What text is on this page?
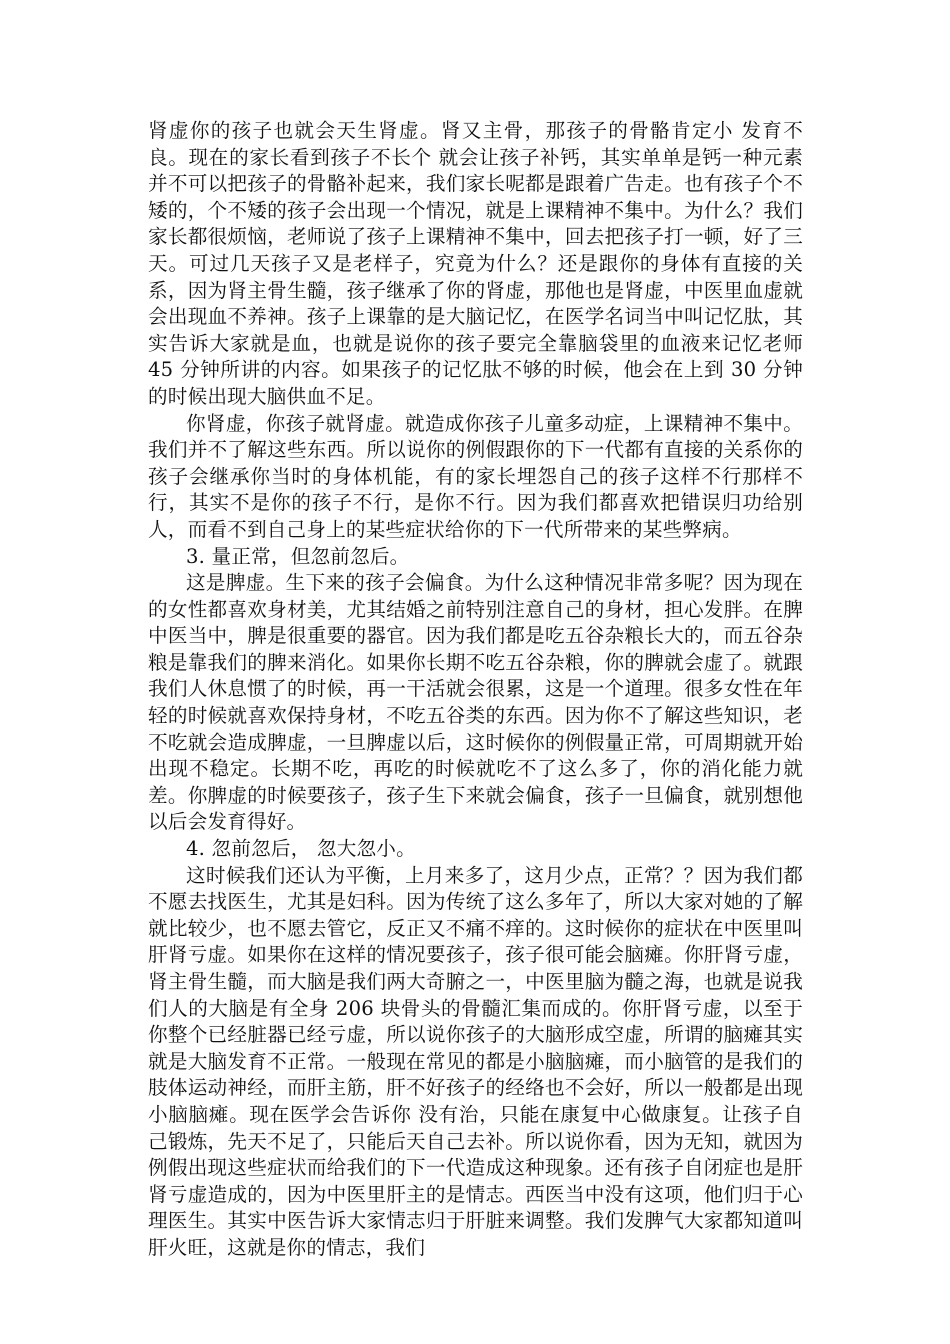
肾虚你的孩子也就会天生肾虚。肾又主骨，那孩子的骨骼肯定小 发育不良。现在的家长看到孩子不长个 就会让孩子补钙，其实单单是钙一种元素并不可以把孩子的骨骼补起来，我们家长呢都是跟着广告走。也有孩子个不矮的，个不矮的孩子会出现一个情况，就是上课精神不集中。为什么？我们家长都很烦恼，老师说了孩子上课精神不集中，回去把孩子打一顿，好了三天。可过几天孩子又是老样子，究竟为什么？还是跟你的身体有直接的关系，因为肾主骨生髓，孩子继承了你的肾虚，那他也是肾虚，中医里血虚就会出现血不养神。孩子上课靠的是大脑记忆，在医学名词当中叫记忆肽，其实告诉大家就是血，也就是说你的孩子要完全靠脑袋里的血液来记忆老师 45 分钟所讲的内容。如果孩子的记忆肽不够的时候，他会在上到 30 分钟的时候出现大脑供血不足。

你肾虚，你孩子就肾虚。就造成你孩子儿童多动症，上课精神不集中。我们并不了解这些东西。所以说你的例假跟你的下一代都有直接的关系你的孩子会继承你当时的身体机能，有的家长埋怨自己的孩子这样不行那样不行，其实不是你的孩子不行，是你不行。因为我们都喜欢把错误归功给别人，而看不到自己身上的某些症状给你的下一代所带来的某些弊病。

3. 量正常，但忽前忽后。

这是脾虚。生下来的孩子会偏食。为什么这种情况非常多呢？因为现在的女性都喜欢身材美，尤其结婚之前特别注意自己的身材，担心发胖。在脾中医当中，脾是很重要的器官。因为我们都是吃五谷杂粮长大的，而五谷杂粮是靠我们的脾来消化。如果你长期不吃五谷杂粮，你的脾就会虚了。就跟我们人休息惯了的时候，再一干活就会很累，这是一个道理。很多女性在年轻的时候就喜欢保持身材，不吃五谷类的东西。因为你不了解这些知识，老不吃就会造成脾虚，一旦脾虚以后，这时候你的例假量正常，可周期就开始出现不稳定。长期不吃，再吃的时候就吃不了这么多了，你的消化能力就差。你脾虚的时候要孩子，孩子生下来就会偏食，孩子一旦偏食，就别想他以后会发育得好。

4. 忽前忽后， 忽大忽小。

这时候我们还认为平衡，上月来多了，这月少点，正常？？因为我们都不愿去找医生，尤其是妇科。因为传统了这么多年了，所以大家对她的了解就比较少，也不愿去管它，反正又不痛不痒的。这时候你的症状在中医里叫肝肾亏虚。如果你在这样的情况要孩子，孩子很可能会脑瘫。你肝肾亏虚，肾主骨生髓，而大脑是我们两大奇腑之一，中医里脑为髓之海，也就是说我们人的大脑是有全身 206 块骨头的骨髓汇集而成的。你肝肾亏虚，以至于你整个已经脏器已经亏虚，所以说你孩子的大脑形成空虚，所谓的脑瘫其实就是大脑发育不正常。一般现在常见的都是小脑脑瘫，而小脑管的是我们的肢体运动神经，而肝主筋，肝不好孩子的经络也不会好，所以一般都是出现小脑脑瘫。现在医学会告诉你 没有治，只能在康复中心做康复。让孩子自己锻炼，先天不足了，只能后天自己去补。所以说你看，因为无知，就因为例假出现这些症状而给我们的下一代造成这种现象。还有孩子自闭症也是肝肾亏虚造成的，因为中医里肝主的是情志。西医当中没有这项，他们归于心理医生。其实中医告诉大家情志归于肝脏来调整。我们发脾气大家都知道叫肝火旺，这就是你的情志，我们
